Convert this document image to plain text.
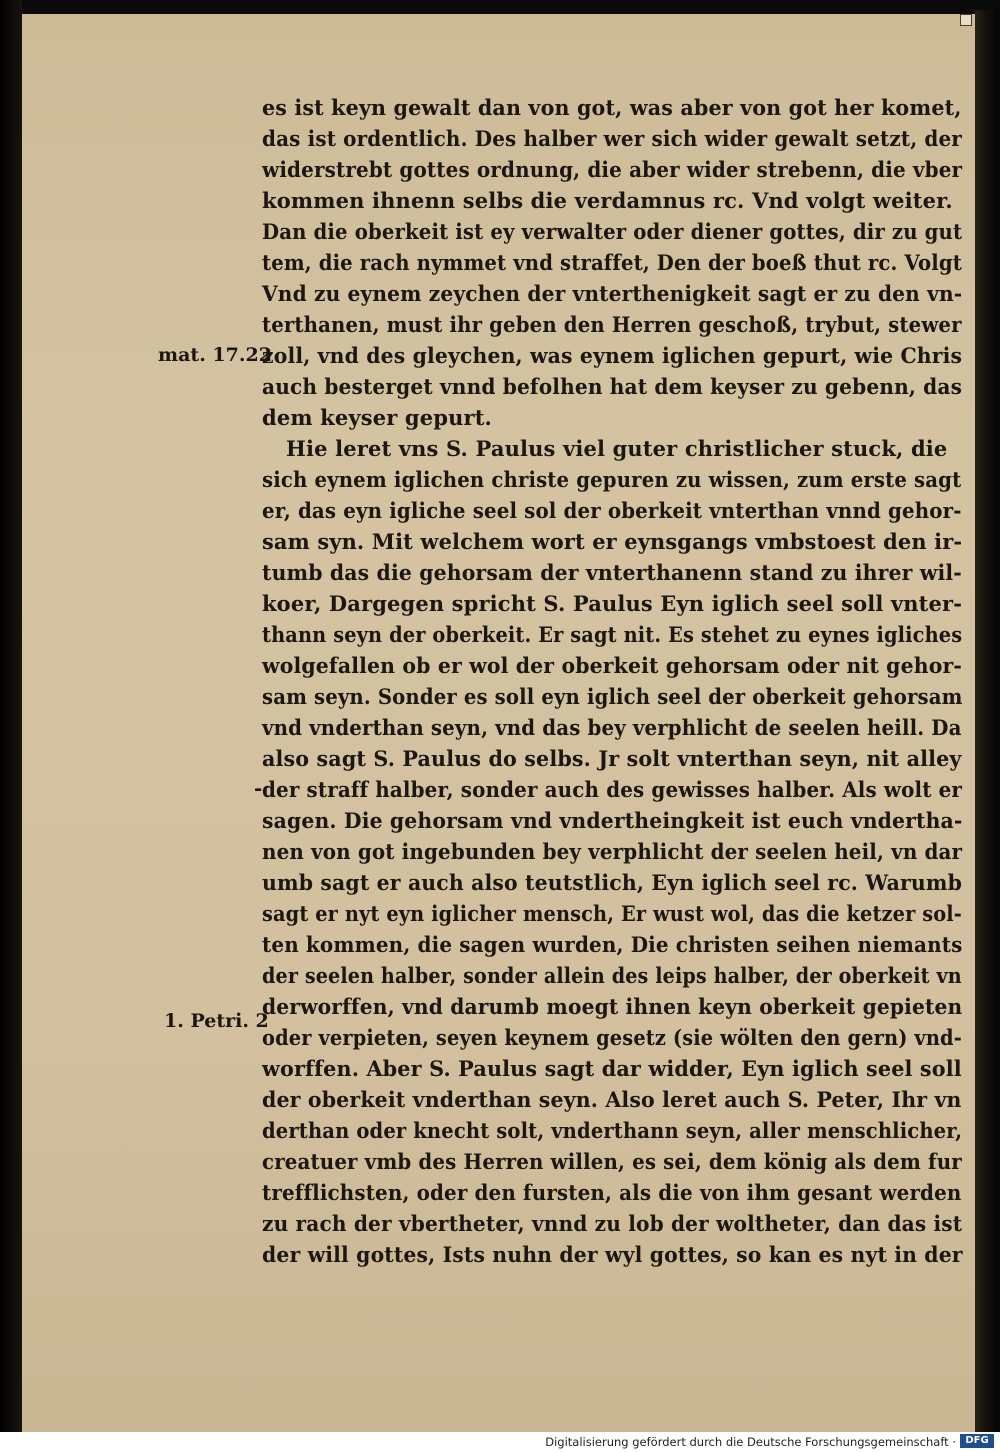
mat. 17.22
1. Petri. 2
-
es ist keyn gewalt dan von got, was aber von got her komet,
das ist ordentlich. Des halber wer sich wider gewalt setzt, der
widerstrebt gottes ordnung, die aber wider strebenn, die vber
kommen ihnenn selbs die verdamnus rc. Vnd volgt weiter.
Dan die oberkeit ist ey verwalter oder diener gottes, dir zu gut
tem, die rach nymmet vnd straffet, Den der boeß thut rc. Volgt
Vnd zu eynem zeychen der vnterthenigkeit sagt er zu den vn-
terthanen, must ihr geben den Herren geschoß, trybut, stewer
zoll, vnd des gleychen, was eynem iglichen gepurt, wie Chris
auch besterget vnnd befolhen hat dem keyser zu gebenn, das
dem keyser gepurt.
Hie leret vns S. Paulus viel guter christlicher stuck, die
sich eynem iglichen christe gepuren zu wissen, zum erste sagt
er, das eyn igliche seel sol der oberkeit vnterthan vnnd gehor-
sam syn. Mit welchem wort er eynsgangs vmbstoest den ir-
tumb das die gehorsam der vnterthanenn stand zu ihrer wil-
koer, Dargegen spricht S. Paulus Eyn iglich seel soll vnter-
thann seyn der oberkeit. Er sagt nit. Es stehet zu eynes igliches
wolgefallen ob er wol der oberkeit gehorsam oder nit gehor-
sam seyn. Sonder es soll eyn iglich seel der oberkeit gehorsam
vnd vnderthan seyn, vnd das bey verphlicht de seelen heill. Da
also sagt S. Paulus do selbs. Jr solt vnterthan seyn, nit alley
der straff halber, sonder auch des gewisses halber. Als wolt er
sagen. Die gehorsam vnd vndertheingkeit ist euch vndertha-
nen von got ingebunden bey verphlicht der seelen heil, vn dar
umb sagt er auch also teutstlich, Eyn iglich seel rc. Warumb
sagt er nyt eyn iglicher mensch, Er wust wol, das die ketzer sol-
ten kommen, die sagen wurden, Die christen seihen niemants
der seelen halber, sonder allein des leips halber, der oberkeit vn
derworffen, vnd darumb moegt ihnen keyn oberkeit gepieten
oder verpieten, seyen keynem gesetz (sie wölten den gern) vnd-
worffen. Aber S. Paulus sagt dar widder, Eyn iglich seel soll
der oberkeit vnderthan seyn. Also leret auch S. Peter, Ihr vn
derthan oder knecht solt, vnderthann seyn, aller menschlicher,
creatuer vmb des Herren willen, es sei, dem könig als dem fur
trefflichsten, oder den fursten, als die von ihm gesant werden
zu rach der vbertheter, vnnd zu lob der woltheter, dan das ist
der will gottes, Ists nuhn der wyl gottes, so kan es nyt in der
Digitalisierung gefördert durch die Deutsche Forschungsgemeinschaft · DFG
